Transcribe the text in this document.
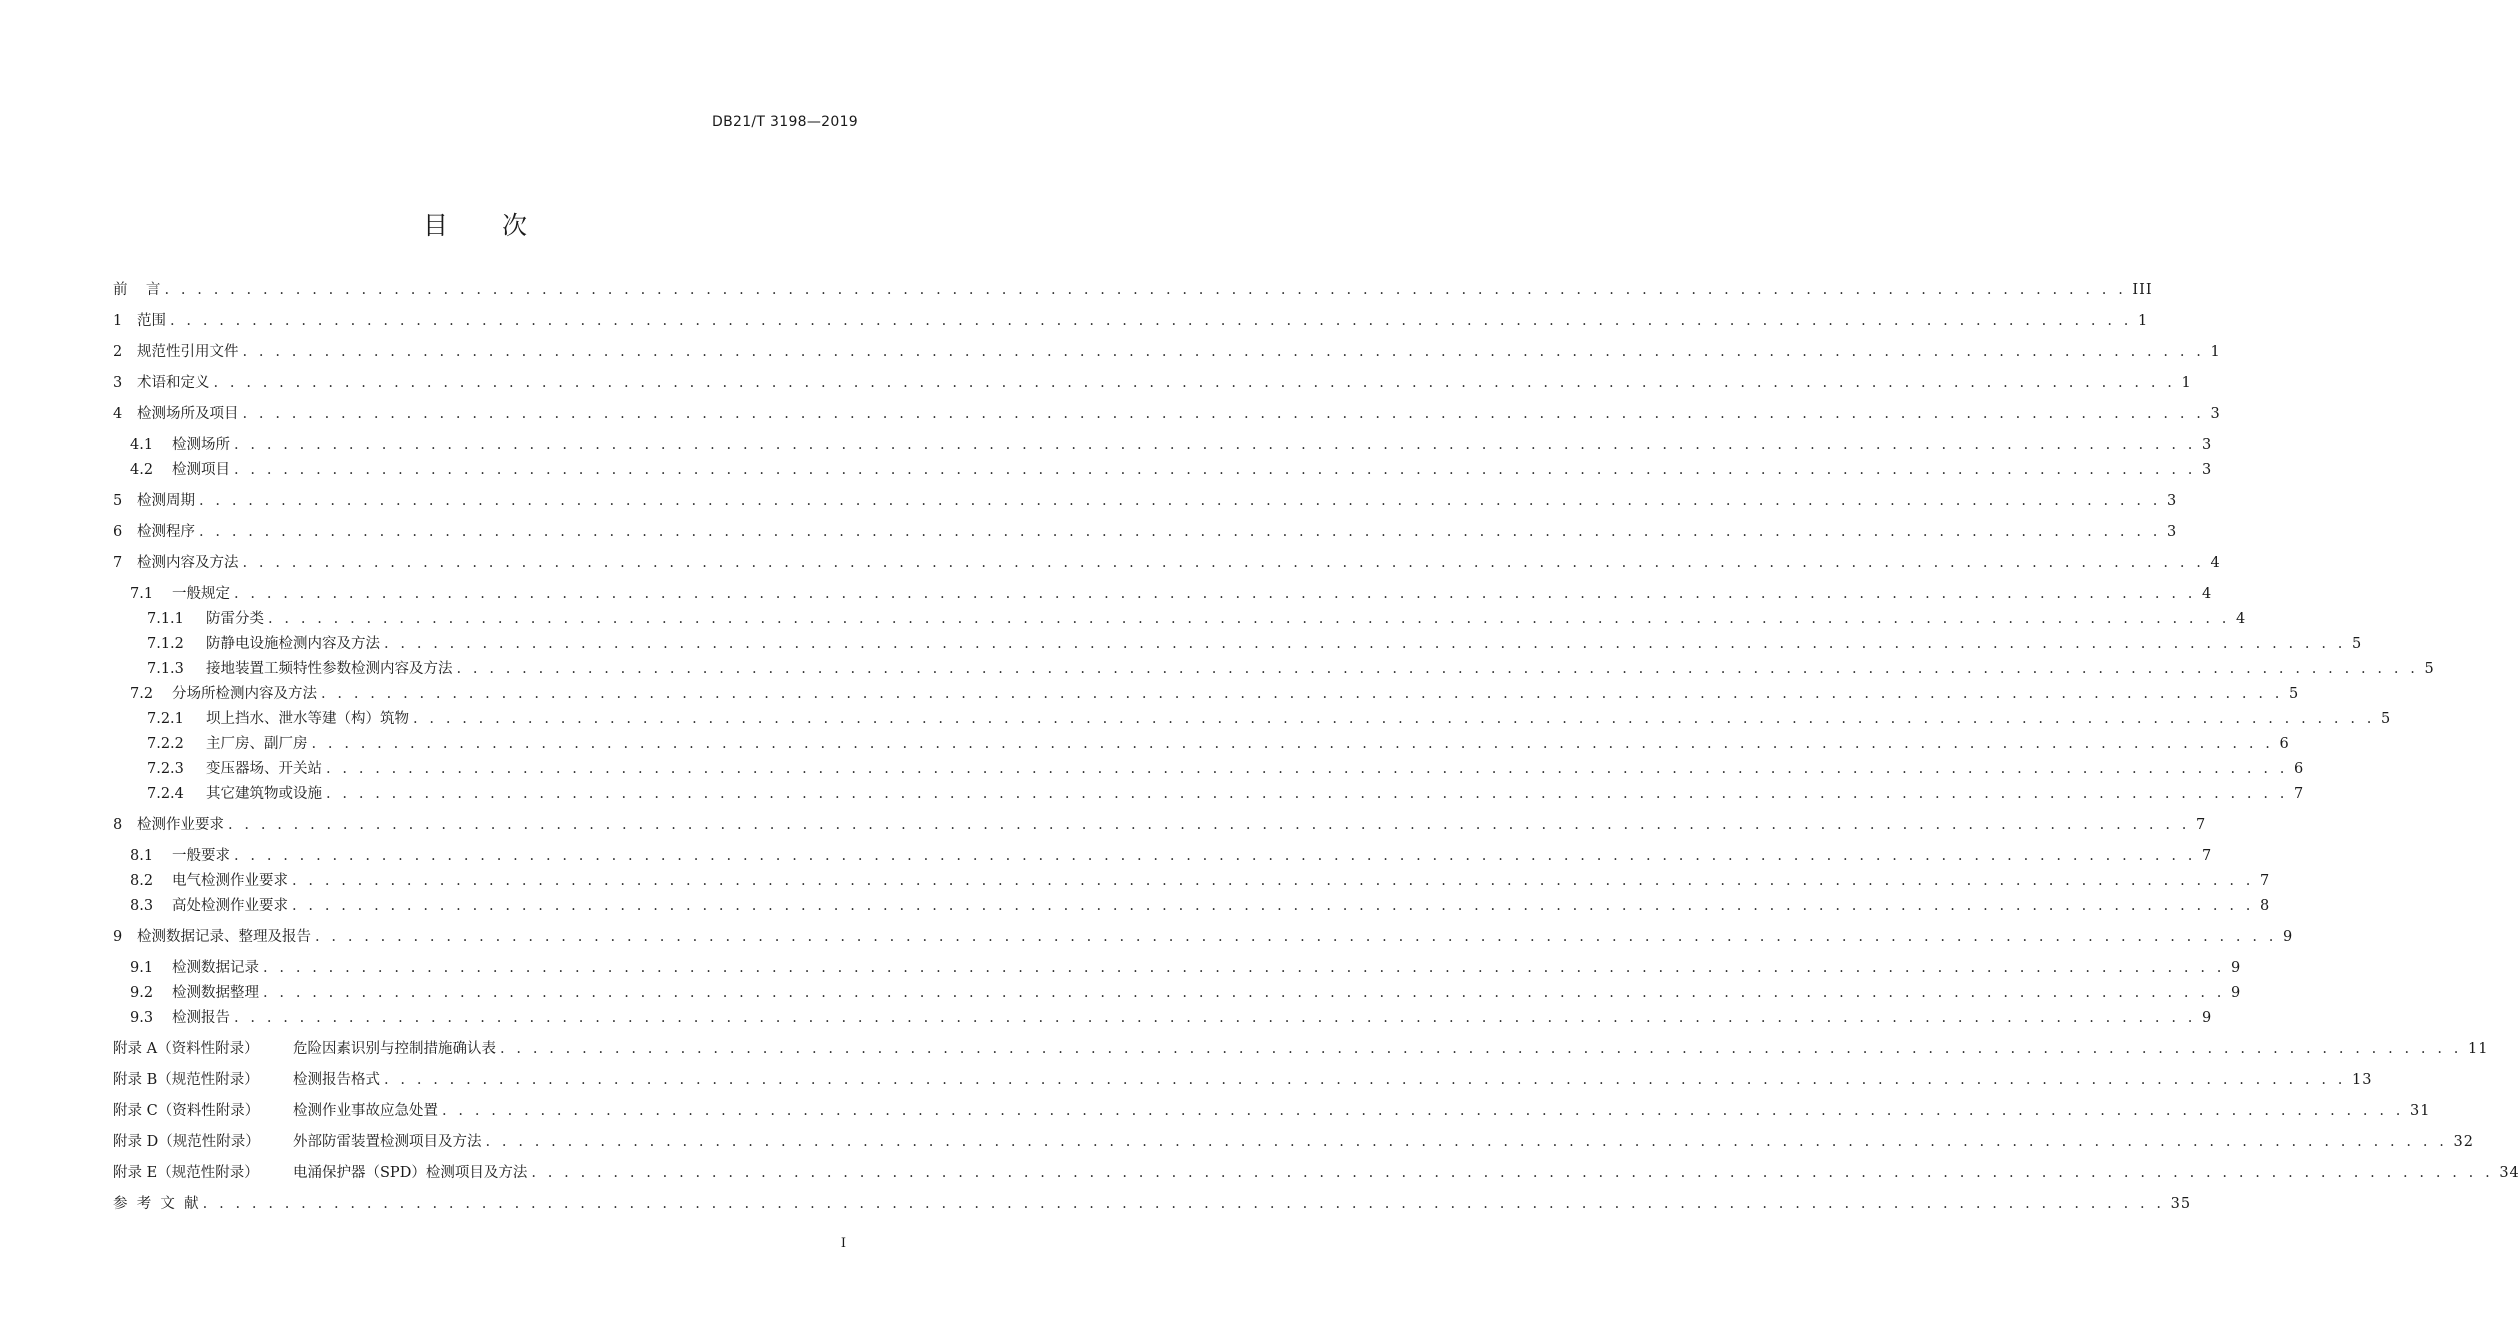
DB21/T 3198—2019
目 次
前    言 . . . . . . . . . . . . . . . . . . . . . . . . . . . . . . . . . . . . . . . . . . . . . . . . . . . . . . . . . . . . . . . . . . . . . . . . . . . . . . . . . . . . . . . . . . . . . . . . . . . . . . . . . . . . . . . . . . . . . . . . III
1	范围 . . . . . . . . . . . . . . . . . . . . . . . . . . . . . . . . . . . . . . . . . . . . . . . . . . . . . . . . . . . . . . . . . . . . . . . . . . . . . . . . . . . . . . . . . . . . . . . . . . . . . . . . . . . . . . . . . . . . . . . . 1
2	规范性引用文件 . . . . . . . . . . . . . . . . . . . . . . . . . . . . . . . . . . . . . . . . . . . . . . . . . . . . . . . . . . . . . . . . . . . . . . . . . . . . . . . . . . . . . . . . . . . . . . . . . . . . . . . . . . . . . . . . . . . . . . . . 1
3	术语和定义 . . . . . . . . . . . . . . . . . . . . . . . . . . . . . . . . . . . . . . . . . . . . . . . . . . . . . . . . . . . . . . . . . . . . . . . . . . . . . . . . . . . . . . . . . . . . . . . . . . . . . . . . . . . . . . . . . . . . . . . . 1
4	检测场所及项目 . . . . . . . . . . . . . . . . . . . . . . . . . . . . . . . . . . . . . . . . . . . . . . . . . . . . . . . . . . . . . . . . . . . . . . . . . . . . . . . . . . . . . . . . . . . . . . . . . . . . . . . . . . . . . . . . . . . . . . . . 3
4.1	检测场所 . . . . . . . . . . . . . . . . . . . . . . . . . . . . . . . . . . . . . . . . . . . . . . . . . . . . . . . . . . . . . . . . . . . . . . . . . . . . . . . . . . . . . . . . . . . . . . . . . . . . . . . . . . . . . . . . . . . . . . . . 3
4.2	检测项目 . . . . . . . . . . . . . . . . . . . . . . . . . . . . . . . . . . . . . . . . . . . . . . . . . . . . . . . . . . . . . . . . . . . . . . . . . . . . . . . . . . . . . . . . . . . . . . . . . . . . . . . . . . . . . . . . . . . . . . . . 3
5	检测周期 . . . . . . . . . . . . . . . . . . . . . . . . . . . . . . . . . . . . . . . . . . . . . . . . . . . . . . . . . . . . . . . . . . . . . . . . . . . . . . . . . . . . . . . . . . . . . . . . . . . . . . . . . . . . . . . . . . . . . . . . 3
6	检测程序 . . . . . . . . . . . . . . . . . . . . . . . . . . . . . . . . . . . . . . . . . . . . . . . . . . . . . . . . . . . . . . . . . . . . . . . . . . . . . . . . . . . . . . . . . . . . . . . . . . . . . . . . . . . . . . . . . . . . . . . . 3
7	检测内容及方法 . . . . . . . . . . . . . . . . . . . . . . . . . . . . . . . . . . . . . . . . . . . . . . . . . . . . . . . . . . . . . . . . . . . . . . . . . . . . . . . . . . . . . . . . . . . . . . . . . . . . . . . . . . . . . . . . . . . . . . . . 4
7.1	一般规定 . . . . . . . . . . . . . . . . . . . . . . . . . . . . . . . . . . . . . . . . . . . . . . . . . . . . . . . . . . . . . . . . . . . . . . . . . . . . . . . . . . . . . . . . . . . . . . . . . . . . . . . . . . . . . . . . . . . . . . . . 4
7.1.1	防雷分类 . . . . . . . . . . . . . . . . . . . . . . . . . . . . . . . . . . . . . . . . . . . . . . . . . . . . . . . . . . . . . . . . . . . . . . . . . . . . . . . . . . . . . . . . . . . . . . . . . . . . . . . . . . . . . . . . . . . . . . . . 4
7.1.2	防静电设施检测内容及方法 . . . . . . . . . . . . . . . . . . . . . . . . . . . . . . . . . . . . . . . . . . . . . . . . . . . . . . . . . . . . . . . . . . . . . . . . . . . . . . . . . . . . . . . . . . . . . . . . . . . . . . . . . . . . . . . . . . . . . . . . 5
7.1.3	接地装置工频特性参数检测内容及方法 . . . . . . . . . . . . . . . . . . . . . . . . . . . . . . . . . . . . . . . . . . . . . . . . . . . . . . . . . . . . . . . . . . . . . . . . . . . . . . . . . . . . . . . . . . . . . . . . . . . . . . . . . . . . . . . . . . . . . . . . 5
7.2	分场所检测内容及方法 . . . . . . . . . . . . . . . . . . . . . . . . . . . . . . . . . . . . . . . . . . . . . . . . . . . . . . . . . . . . . . . . . . . . . . . . . . . . . . . . . . . . . . . . . . . . . . . . . . . . . . . . . . . . . . . . . . . . . . . . 5
7.2.1	坝上挡水、泄水等建（构）筑物 . . . . . . . . . . . . . . . . . . . . . . . . . . . . . . . . . . . . . . . . . . . . . . . . . . . . . . . . . . . . . . . . . . . . . . . . . . . . . . . . . . . . . . . . . . . . . . . . . . . . . . . . . . . . . . . . . . . . . . . . 5
7.2.2	主厂房、副厂房 . . . . . . . . . . . . . . . . . . . . . . . . . . . . . . . . . . . . . . . . . . . . . . . . . . . . . . . . . . . . . . . . . . . . . . . . . . . . . . . . . . . . . . . . . . . . . . . . . . . . . . . . . . . . . . . . . . . . . . . . 6
7.2.3	变压器场、开关站 . . . . . . . . . . . . . . . . . . . . . . . . . . . . . . . . . . . . . . . . . . . . . . . . . . . . . . . . . . . . . . . . . . . . . . . . . . . . . . . . . . . . . . . . . . . . . . . . . . . . . . . . . . . . . . . . . . . . . . . . 6
7.2.4	其它建筑物或设施 . . . . . . . . . . . . . . . . . . . . . . . . . . . . . . . . . . . . . . . . . . . . . . . . . . . . . . . . . . . . . . . . . . . . . . . . . . . . . . . . . . . . . . . . . . . . . . . . . . . . . . . . . . . . . . . . . . . . . . . . 7
8	检测作业要求 . . . . . . . . . . . . . . . . . . . . . . . . . . . . . . . . . . . . . . . . . . . . . . . . . . . . . . . . . . . . . . . . . . . . . . . . . . . . . . . . . . . . . . . . . . . . . . . . . . . . . . . . . . . . . . . . . . . . . . . . 7
8.1	一般要求 . . . . . . . . . . . . . . . . . . . . . . . . . . . . . . . . . . . . . . . . . . . . . . . . . . . . . . . . . . . . . . . . . . . . . . . . . . . . . . . . . . . . . . . . . . . . . . . . . . . . . . . . . . . . . . . . . . . . . . . . 7
8.2	电气检测作业要求 . . . . . . . . . . . . . . . . . . . . . . . . . . . . . . . . . . . . . . . . . . . . . . . . . . . . . . . . . . . . . . . . . . . . . . . . . . . . . . . . . . . . . . . . . . . . . . . . . . . . . . . . . . . . . . . . . . . . . . . . 7
8.3	高处检测作业要求 . . . . . . . . . . . . . . . . . . . . . . . . . . . . . . . . . . . . . . . . . . . . . . . . . . . . . . . . . . . . . . . . . . . . . . . . . . . . . . . . . . . . . . . . . . . . . . . . . . . . . . . . . . . . . . . . . . . . . . . . 8
9	检测数据记录、整理及报告 . . . . . . . . . . . . . . . . . . . . . . . . . . . . . . . . . . . . . . . . . . . . . . . . . . . . . . . . . . . . . . . . . . . . . . . . . . . . . . . . . . . . . . . . . . . . . . . . . . . . . . . . . . . . . . . . . . . . . . . . 9
9.1	检测数据记录 . . . . . . . . . . . . . . . . . . . . . . . . . . . . . . . . . . . . . . . . . . . . . . . . . . . . . . . . . . . . . . . . . . . . . . . . . . . . . . . . . . . . . . . . . . . . . . . . . . . . . . . . . . . . . . . . . . . . . . . . 9
9.2	检测数据整理 . . . . . . . . . . . . . . . . . . . . . . . . . . . . . . . . . . . . . . . . . . . . . . . . . . . . . . . . . . . . . . . . . . . . . . . . . . . . . . . . . . . . . . . . . . . . . . . . . . . . . . . . . . . . . . . . . . . . . . . . 9
9.3	检测报告 . . . . . . . . . . . . . . . . . . . . . . . . . . . . . . . . . . . . . . . . . . . . . . . . . . . . . . . . . . . . . . . . . . . . . . . . . . . . . . . . . . . . . . . . . . . . . . . . . . . . . . . . . . . . . . . . . . . . . . . . 9
附录 A（资料性附录）	危险因素识别与控制措施确认表 . . . . . . . . . . . . . . . . . . . . . . . . . . . . . . . . . . . . . . . . . . . . . . . . . . . . . . . . . . . . . . . . . . . . . . . . . . . . . . . . . . . . . . . . . . . . . . . . . . . . . . . . . . . . . . . . . . . . . . . . 11
附录 B（规范性附录）	检测报告格式 . . . . . . . . . . . . . . . . . . . . . . . . . . . . . . . . . . . . . . . . . . . . . . . . . . . . . . . . . . . . . . . . . . . . . . . . . . . . . . . . . . . . . . . . . . . . . . . . . . . . . . . . . . . . . . . . . . . . . . . . 13
附录 C（资料性附录）	检测作业事故应急处置 . . . . . . . . . . . . . . . . . . . . . . . . . . . . . . . . . . . . . . . . . . . . . . . . . . . . . . . . . . . . . . . . . . . . . . . . . . . . . . . . . . . . . . . . . . . . . . . . . . . . . . . . . . . . . . . . . . . . . . . . 31
附录 D（规范性附录）	外部防雷装置检测项目及方法 . . . . . . . . . . . . . . . . . . . . . . . . . . . . . . . . . . . . . . . . . . . . . . . . . . . . . . . . . . . . . . . . . . . . . . . . . . . . . . . . . . . . . . . . . . . . . . . . . . . . . . . . . . . . . . . . . . . . . . . . 32
附录 E（规范性附录）	电涌保护器（SPD）检测项目及方法 . . . . . . . . . . . . . . . . . . . . . . . . . . . . . . . . . . . . . . . . . . . . . . . . . . . . . . . . . . . . . . . . . . . . . . . . . . . . . . . . . . . . . . . . . . . . . . . . . . . . . . . . . . . . . . . . . . . . . . . . 34
参  考  文  献 . . . . . . . . . . . . . . . . . . . . . . . . . . . . . . . . . . . . . . . . . . . . . . . . . . . . . . . . . . . . . . . . . . . . . . . . . . . . . . . . . . . . . . . . . . . . . . . . . . . . . . . . . . . . . . . . . . . . . . . . 35
I
